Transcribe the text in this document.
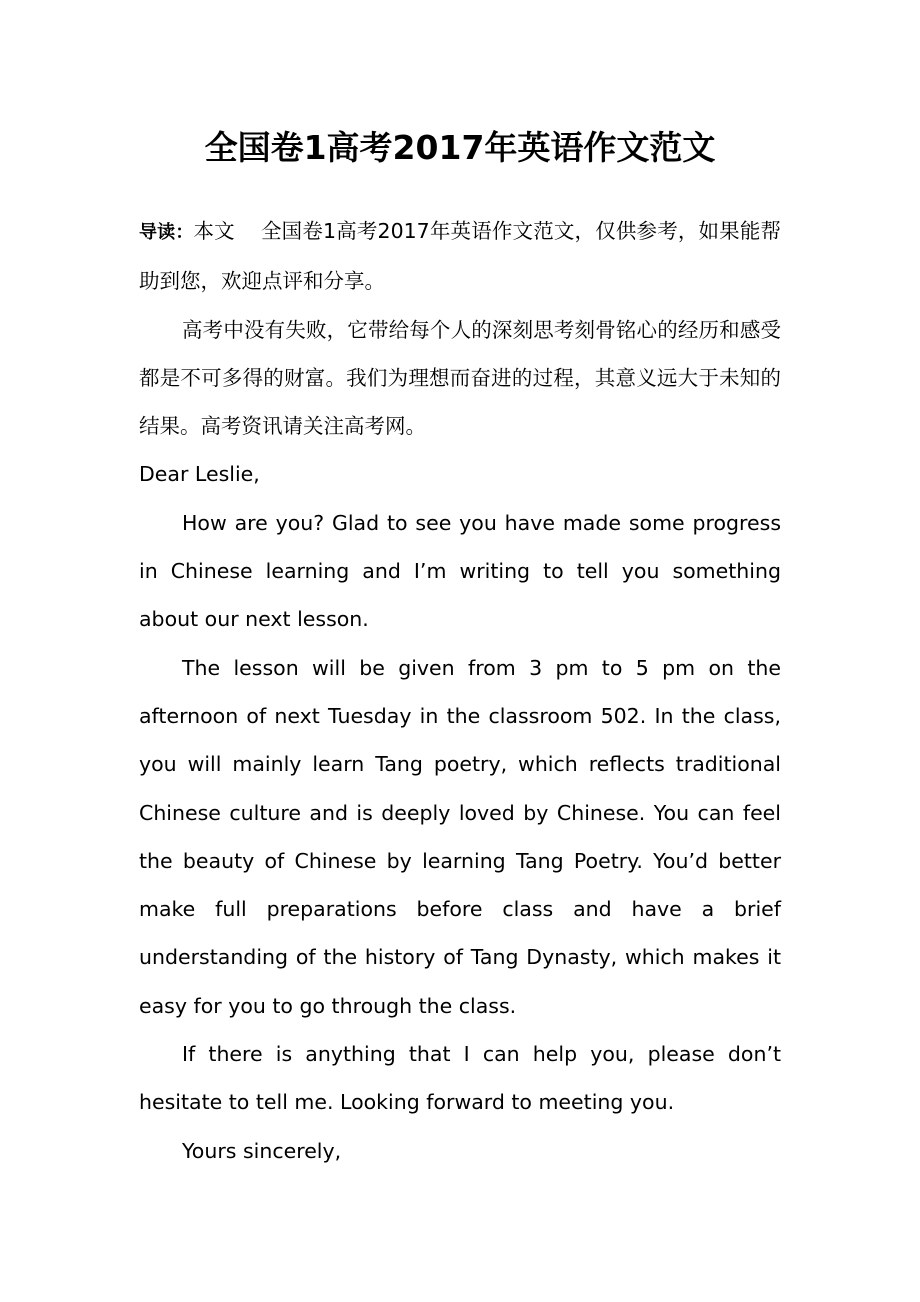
全国卷1高考2017年英语作文范文

导读：本文 全国卷1高考2017年英语作文范文，仅供参考，如果能帮助到您，欢迎点评和分享。

高考中没有失败，它带给每个人的深刻思考刻骨铭心的经历和感受都是不可多得的财富。我们为理想而奋进的过程，其意义远大于未知的结果。高考资讯请关注高考网。

Dear Leslie,

How are you? Glad to see you have made some progress in Chinese learning and I’m writing to tell you something about our next lesson.

The lesson will be given from 3 pm to 5 pm on the afternoon of next Tuesday in the classroom 502. In the class, you will mainly learn Tang poetry, which reflects traditional Chinese culture and is deeply loved by Chinese. You can feel the beauty of Chinese by learning Tang Poetry. You’d better make full preparations before class and have a brief understanding of the history of Tang Dynasty, which makes it easy for you to go through the class.

If there is anything that I can help you, please don’t hesitate to tell me. Looking forward to meeting you.

Yours sincerely,
